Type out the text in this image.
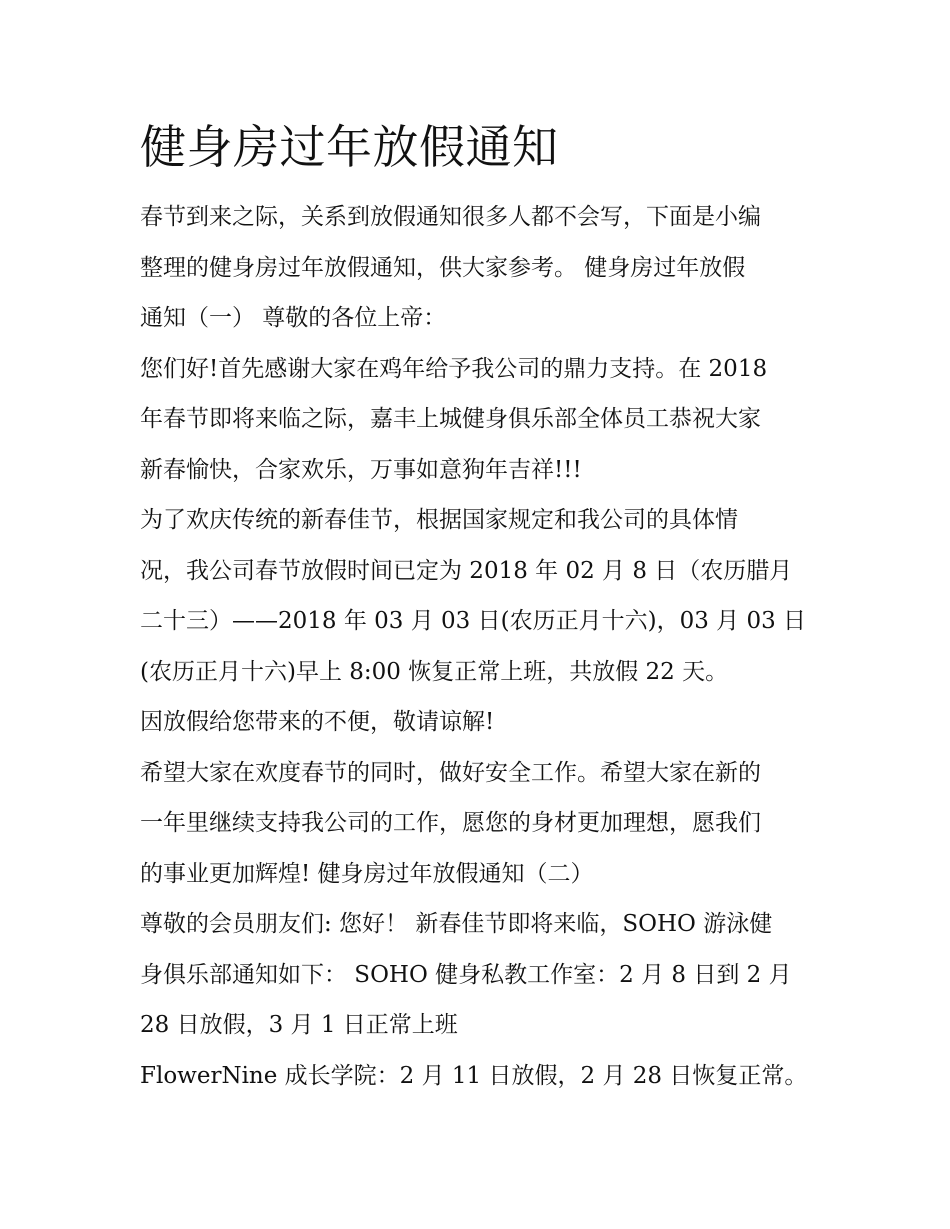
健身房过年放假通知
春节到来之际，关系到放假通知很多人都不会写，下面是小编
整理的健身房过年放假通知，供大家参考。 健身房过年放假
通知（一） 尊敬的各位上帝：
您们好!首先感谢大家在鸡年给予我公司的鼎力支持。在 2018
年春节即将来临之际，嘉丰上城健身俱乐部全体员工恭祝大家
新春愉快，合家欢乐，万事如意狗年吉祥!!!
为了欢庆传统的新春佳节，根据国家规定和我公司的具体情
况，我公司春节放假时间已定为 2018 年 02 月 8 日（农历腊月
二十三）——2018 年 03 月 03 日(农历正月十六)，03 月 03 日
(农历正月十六)早上 8:00 恢复正常上班，共放假 22 天。
因放假给您带来的不便，敬请谅解!
希望大家在欢度春节的同时，做好安全工作。希望大家在新的
一年里继续支持我公司的工作，愿您的身材更加理想，愿我们
的事业更加辉煌! 健身房过年放假通知（二）
尊敬的会员朋友们: 您好！ 新春佳节即将来临，SOHO 游泳健
身俱乐部通知如下： SOHO 健身私教工作室：2 月 8 日到 2 月
28 日放假，3 月 1 日正常上班
FlowerNine 成长学院：2 月 11 日放假，2 月 28 日恢复正常。
